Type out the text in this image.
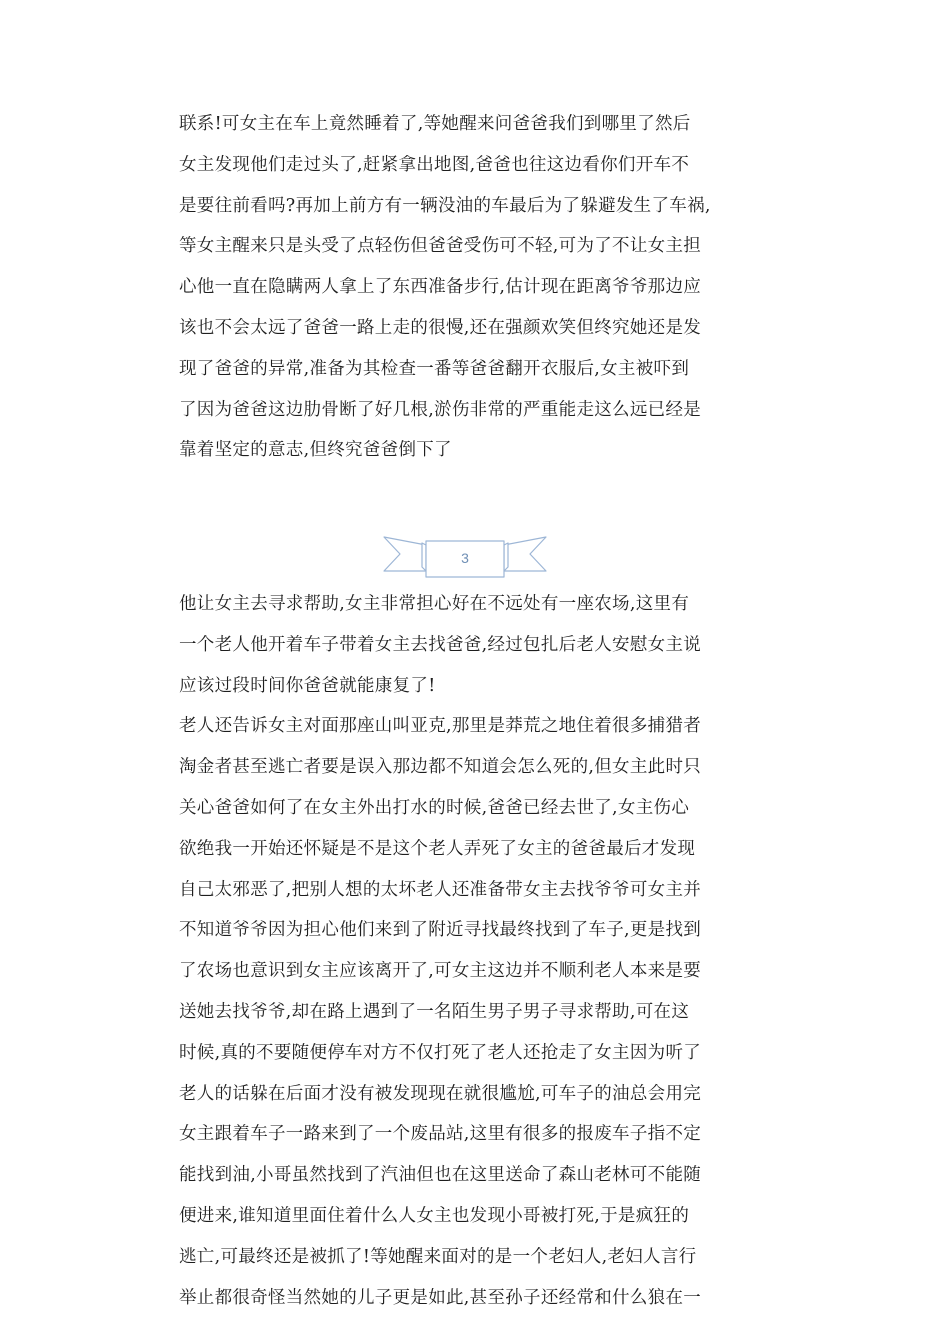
联系!可女主在车上竟然睡着了,等她醒来问爸爸我们到哪里了然后
女主发现他们走过头了,赶紧拿出地图,爸爸也往这边看你们开车不
是要往前看吗?再加上前方有一辆没油的车最后为了躲避发生了车祸,
等女主醒来只是头受了点轻伤但爸爸受伤可不轻,可为了不让女主担
心他一直在隐瞒两人拿上了东西准备步行,估计现在距离爷爷那边应
该也不会太远了爸爸一路上走的很慢,还在强颜欢笑但终究她还是发
现了爸爸的异常,准备为其检查一番等爸爸翻开衣服后,女主被吓到
了因为爸爸这边肋骨断了好几根,淤伤非常的严重能走这么远已经是
靠着坚定的意志,但终究爸爸倒下了
3
他让女主去寻求帮助,女主非常担心好在不远处有一座农场,这里有
一个老人他开着车子带着女主去找爸爸,经过包扎后老人安慰女主说
应该过段时间你爸爸就能康复了!
老人还告诉女主对面那座山叫亚克,那里是莽荒之地住着很多捕猎者
淘金者甚至逃亡者要是误入那边都不知道会怎么死的,但女主此时只
关心爸爸如何了在女主外出打水的时候,爸爸已经去世了,女主伤心
欲绝我一开始还怀疑是不是这个老人弄死了女主的爸爸最后才发现
自己太邪恶了,把别人想的太坏老人还准备带女主去找爷爷可女主并
不知道爷爷因为担心他们来到了附近寻找最终找到了车子,更是找到
了农场也意识到女主应该离开了,可女主这边并不顺利老人本来是要
送她去找爷爷,却在路上遇到了一名陌生男子男子寻求帮助,可在这
时候,真的不要随便停车对方不仅打死了老人还抢走了女主因为听了
老人的话躲在后面才没有被发现现在就很尴尬,可车子的油总会用完
女主跟着车子一路来到了一个废品站,这里有很多的报废车子指不定
能找到油,小哥虽然找到了汽油但也在这里送命了森山老林可不能随
便进来,谁知道里面住着什么人女主也发现小哥被打死,于是疯狂的
逃亡,可最终还是被抓了!等她醒来面对的是一个老妇人,老妇人言行
举止都很奇怪当然她的儿子更是如此,甚至孙子还经常和什么狼在一
